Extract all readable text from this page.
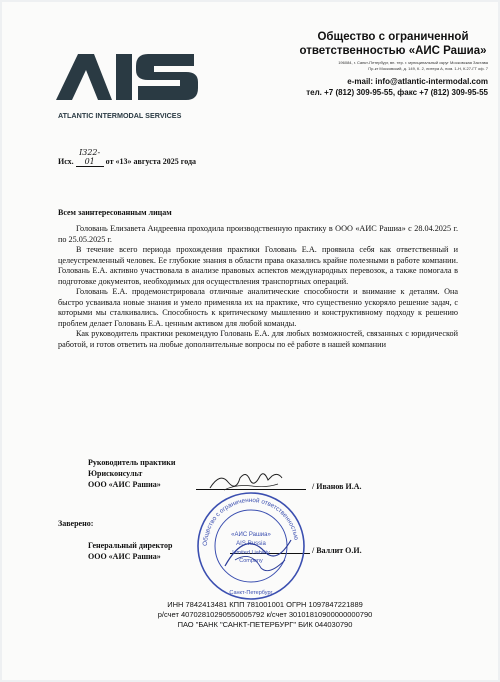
ATLANTIC INTERMODAL SERVICES
Общество с ограниченной
ответственностью «АИС Рашиа»
196084, г. Санкт-Петербург, вн. тер. г. муниципальный округ Московская Застава
Пр-кт Московский, д. 149, К. 2, литера А, пом. 1-Н, К.27-ГТ оф. 7
e-mail: info@atlantic-intermodal.com
тел. +7 (812) 309-95-55, факс +7 (812) 309-95-55
Исх. I322-01 от «13» августа 2025 года
Всем заинтересованным лицам

Головань Елизавета Андреевна проходила производственную практику в ООО «АИС Рашиа» с 28.04.2025 г. по 25.05.2025 г.

В течение всего периода прохождения практики Головань Е.А. проявила себя как ответственный и целеустремленный человек. Ее глубокие знания в области права оказались крайне полезными в работе компании. Головань Е.А. активно участвовала в анализе правовых аспектов международных перевозок, а также помогала в подготовке документов, необходимых для осуществления транспортных операций.

Головань Е.А. продемонстрировала отличные аналитические способности и внимание к деталям. Она быстро усваивала новые знания и умело применяла их на практике, что существенно ускоряло решение задач, с которыми мы сталкивались. Способность к критическому мышлению и конструктивному подходу к решению проблем делает Головань Е.А. ценным активом для любой команды.

Как руководитель практики рекомендую Головань Е.А. для любых возможностей, связанных с юридической работой, и готов ответить на любые дополнительные вопросы по её работе в нашей компании

Руководитель практики
Юрисконсульт
ООО «АИС Рашиа»	/ Иванов И.А.
Заверено:
Генеральный директор
ООО «АИС Рашиа»
/ Валлит О.И.
Общество с ограниченной ответственностью
«АИС Рашиа»
AIS Russia
Limited Liability
Company
Санкт-Петербург
ИНН 7842413481 КПП 781001001 ОГРН 1097847221889
р/счет 40702810290550005792 к/счет 30101810900000000790
ПАО "БАНК "САНКТ-ПЕТЕРБУРГ" БИК 044030790
